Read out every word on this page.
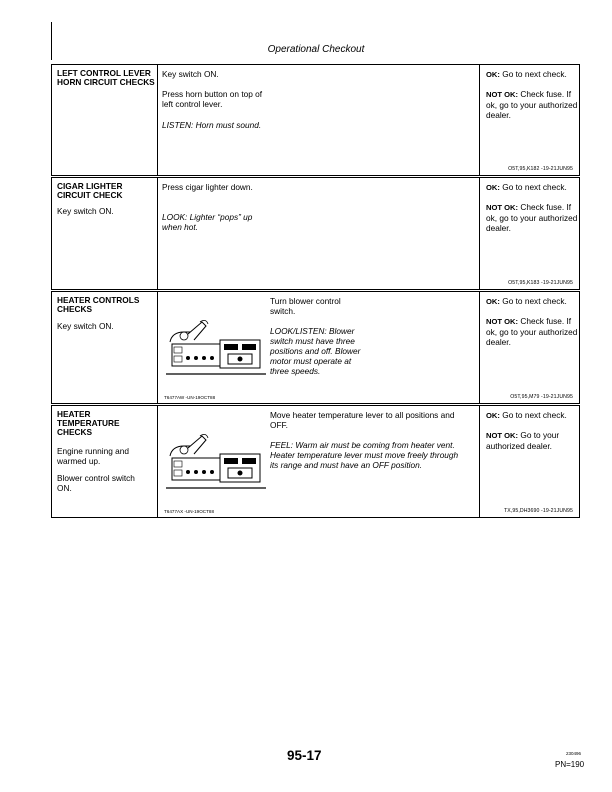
Operational Checkout
LEFT CONTROL LEVER HORN CIRCUIT CHECKS
Key switch ON.
Press horn button on top of left control lever.
LISTEN: Horn must sound.
OK: Go to next check.
NOT OK: Check fuse. If ok, go to your authorized dealer.
O5T,95,K182 -19-21JUN95
CIGAR LIGHTER CIRCUIT CHECK
Key switch ON.
Press cigar lighter down.
LOOK: Lighter “pops” up when hot.
OK: Go to next check.
NOT OK: Check fuse. If ok, go to your authorized dealer.
O5T,95,K183 -19-21JUN95
HEATER CONTROLS CHECKS
Key switch ON.
T6477AW -UN-19OCT88
Turn blower control switch.
LOOK/LISTEN: Blower switch must have three positions and off. Blower motor must operate at three speeds.
OK: Go to next check.
NOT OK: Check fuse. If ok, go to your authorized dealer.
O5T,95,M79 -19-21JUN95
HEATER TEMPERATURE CHECKS
Engine running and warmed up.
Blower control switch ON.
T6477AX -UN-19OCT88
Move heater temperature lever to all positions and OFF.
FEEL: Warm air must be coming from heater vent. Heater temperature lever must move freely through its range and must have an OFF position.
OK: Go to next check.
NOT OK: Go to your authorized dealer.
TX,95,DH3690 -19-21JUN95
95-17	230496
PN=190
